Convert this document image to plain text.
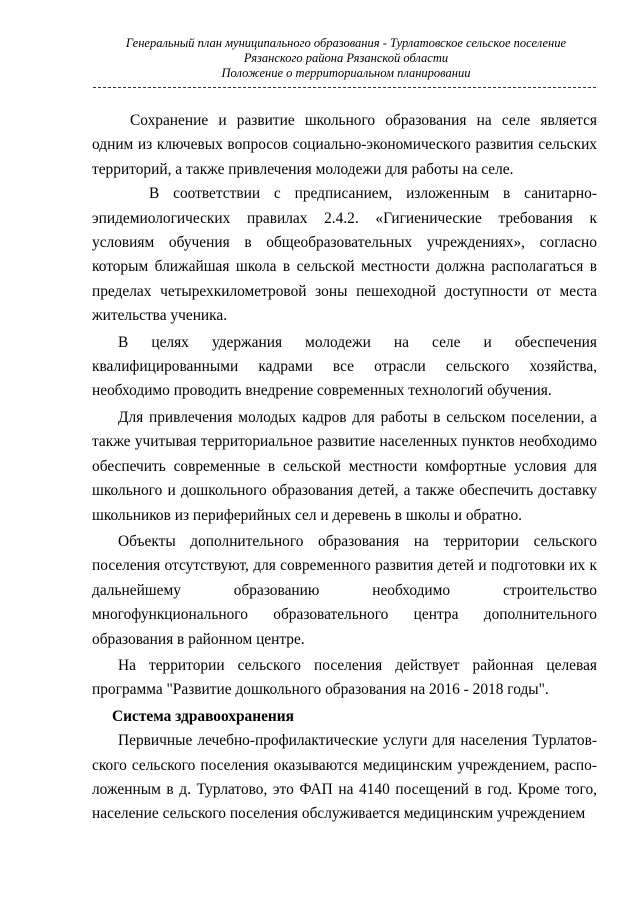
Генеральный план муниципального образования - Турлатовское сельское поселение
Рязанского района Рязанской области
Положение о территориальном планировании

Сохранение и развитие школьного образования на селе является одним из ключевых вопросов социально-экономического развития сельских территорий, а также привлечения молодежи для работы на селе.

В соответствии с предписанием, изложенным в санитарно-эпидемиологических правилах 2.4.2. «Гигиенические требования к условиям обучения в общеобразовательных учреждениях», согласно которым ближайшая школа в сельской местности должна располагаться в пределах четырехкилометровой зоны пешеходной доступности от места жительства ученика.

В целях удержания молодежи на селе и обеспечения квалифицированными кадрами все отрасли сельского хозяйства, необходимо проводить внедрение современных технологий обучения.

Для привлечения молодых кадров для работы в сельском поселении, а также учитывая территориальное развитие населенных пунктов необходимо обеспечить современные в сельской местности комфортные условия для школьного и дошкольного образования детей, а также обеспечить доставку школьников из периферийных сел и деревень в школы и обратно.

Объекты дополнительного образования на территории сельского поселения отсутствуют, для современного развития детей и подготовки их к дальнейшему образованию необходимо строительство многофункционального образовательного центра дополнительного образования в районном центре.

На территории сельского поселения действует районная целевая программа "Развитие дошкольного образования на 2016 - 2018 годы".

Система здравоохранения

Первичные лечебно-профилактические услуги для населения Турлатовского сельского поселения оказываются медицинским учреждением, расположенным в д. Турлатово, это ФАП на 4140 посещений в год. Кроме того, население сельского поселения обслуживается медицинским учреждением
